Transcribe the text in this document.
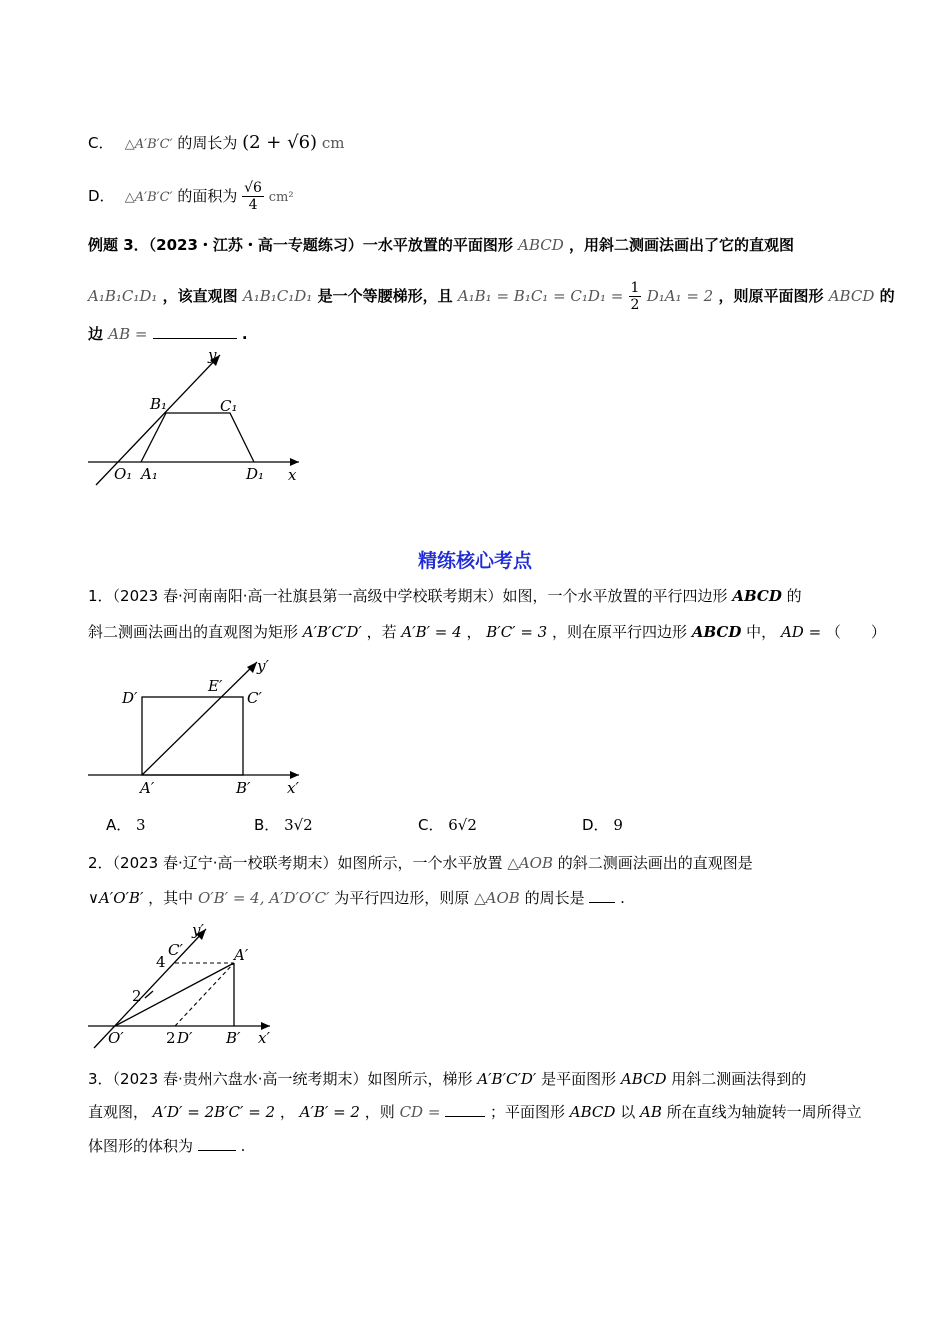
C． △A′B′C′ 的周长为 (2 + √6) cm
D． △A′B′C′ 的面积为 $\frac{√6}{4} cm^2$
例题 3．（2023・江苏・高一专题练习）一水平放置的平面图形 ABCD ，用斜二测画法画出了它的直观图
A₁B₁C₁D₁ ，该直观图 A₁B₁C₁D₁ 是一个等腰梯形，且 $A_1B_1 = B_1C_1 = C_1D_1 = \frac{1}{2} D_1A_1 = 2$ ，则原平面图形 ABCD 的
边 AB =	.
y
B₁	C₁
O₁ A₁	D₁ x
精练核心考点
1．（2023 春·河南南阳·高一社旗县第一高级中学校联考期末）如图，一个水平放置的平行四边形 ABCD 的
斜二测画法画出的直观图为矩形 A′B′C′D′ ，若 A′B′ = 4 ， B′C′ = 3 ，则在原平行四边形 ABCD 中， AD = （　　）
y′
D′
E′
C′
A′	B′ x′
A． 3	B． 3√2	C． 6√2	D． 9
2．（2023 春·辽宁·高一校联考期末）如图所示，一个水平放置 △AOB 的斜二测画法画出的直观图是
∨A′O′B′ ，其中 O′B′ = 4, A′D′O′C′ 为平行四边形，则原 △AOB 的周长是 .
y′
C′
4	A′
2
O′	2 D′ B′ x′
3．（2023 春·贵州六盘水·高一统考期末）如图所示，梯形 A′B′C′D′ 是平面图形 ABCD 用斜二测画法得到的
直观图， A′D′ = 2B′C′ = 2 ， A′B′ = 2 ，则 CD =	；平面图形 ABCD 以 AB 所在直线为轴旋转一周所得立
体图形的体积为	.
